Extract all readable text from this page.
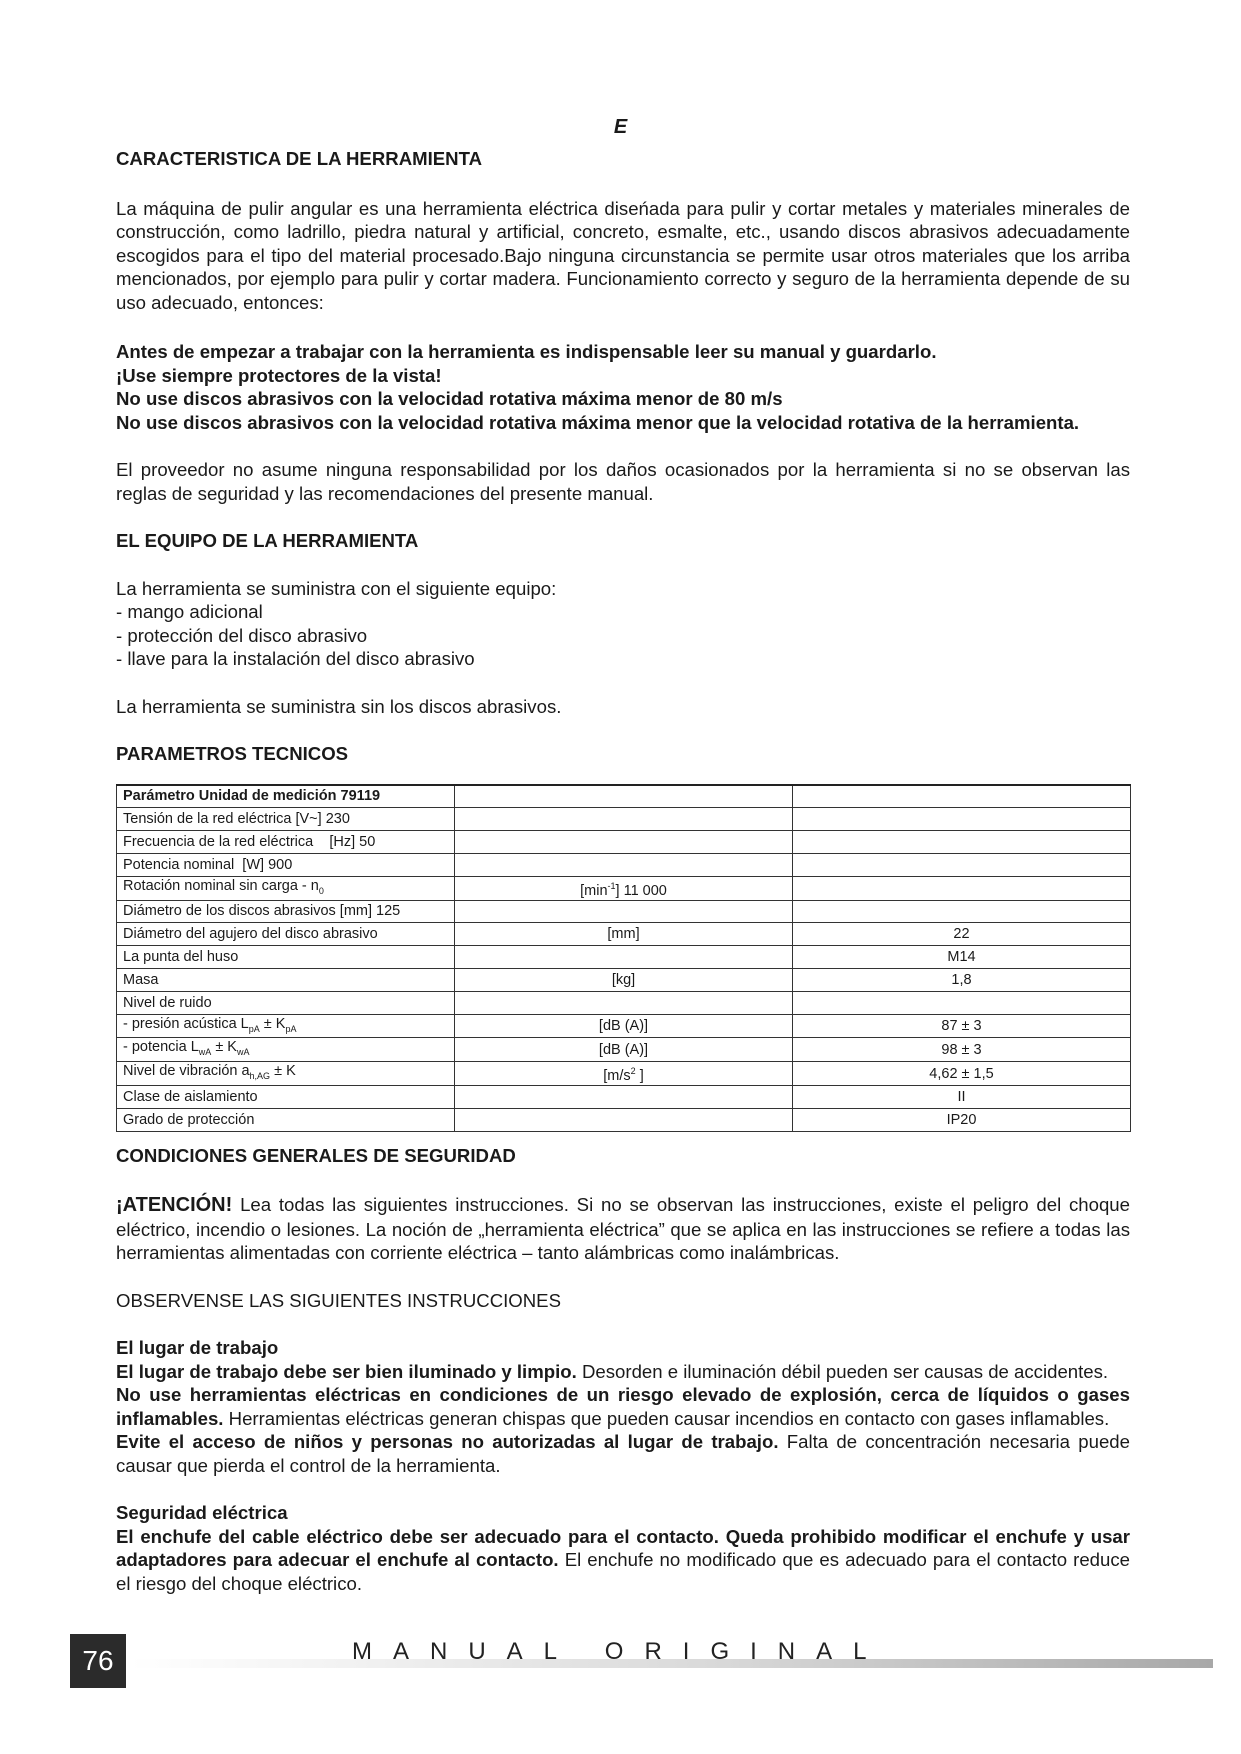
E

CARACTERISTICA DE LA HERRAMIENTA

La máquina de pulir angular es una herramienta eléctrica diseńada para pulir y cortar metales y materiales minerales de construcción, como ladrillo, piedra natural y artificial, concreto, esmalte, etc., usando discos abrasivos adecuadamente escogidos para el tipo del material procesado.Bajo ninguna circunstancia se permite usar otros materiales que los arriba mencionados, por ejemplo para pulir y cortar madera. Funcionamiento correcto y seguro de la herramienta depende de su uso adecuado, entonces:

Antes de empezar a trabajar con la herramienta es indispensable leer su manual y guardarlo.

¡Use siempre protectores de la vista!

No use discos abrasivos con la velocidad rotativa máxima menor de 80 m/s

No use discos abrasivos con la velocidad rotativa máxima menor que la velocidad rotativa de la herramienta.

El proveedor no asume ninguna responsabilidad por los daños ocasionados por la herramienta si no se observan las reglas de seguridad y las recomendaciones del presente manual.

EL EQUIPO DE LA HERRAMIENTA

La herramienta se suministra con el siguiente equipo:

- mango adicional

- protección del disco abrasivo

- llave para la instalación del disco abrasivo

La herramienta se suministra sin los discos abrasivos.

PARAMETROS TECNICOS

Parámetro Unidad de medición 79119		
Tensión de la red eléctrica [V~] 230		
Frecuencia de la red eléctrica    [Hz] 50		
Potencia nominal  [W] 900		
Rotación nominal sin carga - $n_0$	$[\min^{-1}]$ 11 000	
Diámetro de los discos abrasivos [mm] 125		
Diámetro del agujero del disco abrasivo	[mm]	22
La punta del huso		M14
Masa	[kg]	1,8
Nivel de ruido		
- presión acústica $L_{pA} \pm K_{pA}$	[dB (A)]	87 ± 3
- potencia $L_{wA} \pm K_{wA}$	[dB (A)]	98 ± 3
Nivel de vibración $a_{h,AG} \pm K$	[$m/s^2$ ]	4,62 ± 1,5
Clase de aislamiento		II
Grado de protección		IP20

CONDICIONES GENERALES DE SEGURIDAD

¡ATENCIÓN! Lea todas las siguientes instrucciones. Si no se observan las instrucciones, existe el peligro del choque eléctrico, incendio o lesiones. La noción de „herramienta eléctrica” que se aplica en las instrucciones se refiere a todas las herramientas alimentadas con corriente eléctrica – tanto alámbricas como inalámbricas.

OBSERVENSE LAS SIGUIENTES INSTRUCCIONES

El lugar de trabajo

El lugar de trabajo debe ser bien iluminado y limpio. Desorden e iluminación débil pueden ser causas de accidentes.

No use herramientas eléctricas en condiciones de un riesgo elevado de explosión, cerca de líquidos o gases inflamables. Herramientas eléctricas generan chispas que pueden causar incendios en contacto con gases inflamables.

Evite el acceso de niños y personas no autorizadas al lugar de trabajo. Falta de concentración necesaria puede causar que pierda el control de la herramienta.

Seguridad eléctrica

El enchufe del cable eléctrico debe ser adecuado para el contacto. Queda prohibido modificar el enchufe y usar adaptadores para adecuar el enchufe al contacto. El enchufe no modificado que es adecuado para el contacto reduce el riesgo del choque eléctrico.

76	MANUAL ORIGINAL
